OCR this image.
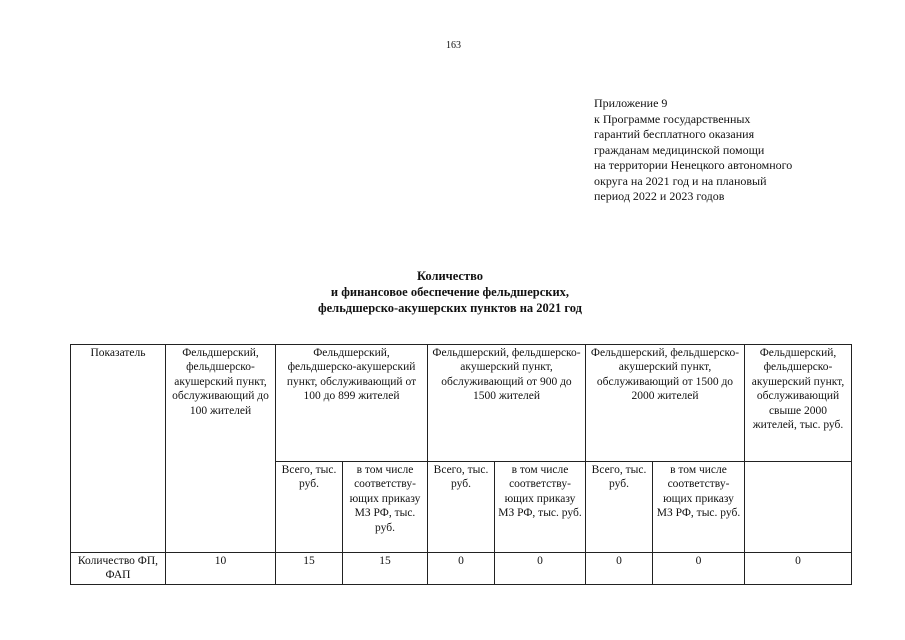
163
Приложение 9
к Программе государственных
гарантий бесплатного оказания
гражданам медицинской помощи
на территории Ненецкого автономного
округа на 2021 год и на плановый
период 2022 и 2023 годов
Количество
и финансовое обеспечение фельдшерских,
фельдшерско-акушерских пунктов на 2021 год
Показатель	Фельдшерский, фельдшерско-акушерский пункт, обслуживающий до 100 жителей	Фельдшерский, фельдшерско-акушерский пункт, обслуживающий от 100 до 899 жителей		Фельдшерский, фельдшерско-акушерский пункт, обслуживающий от 900 до 1500 жителей		Фельдшерский, фельдшерско-акушерский пункт, обслуживающий от 1500 до 2000 жителей		Фельдшерский, фельдшерско-акушерский пункт, обслуживающий свыше 2000 жителей, тыс. руб.
		Всего, тыс. руб.	в том числе соответству-ющих приказу МЗ РФ, тыс. руб.	Всего, тыс. руб.	в том числе соответству-ющих приказу МЗ РФ, тыс. руб.	Всего, тыс. руб.	в том числе соответству-ющих приказу МЗ РФ, тыс. руб.	
Количество ФП, ФАП	10	15	15	0	0	0	0	0
